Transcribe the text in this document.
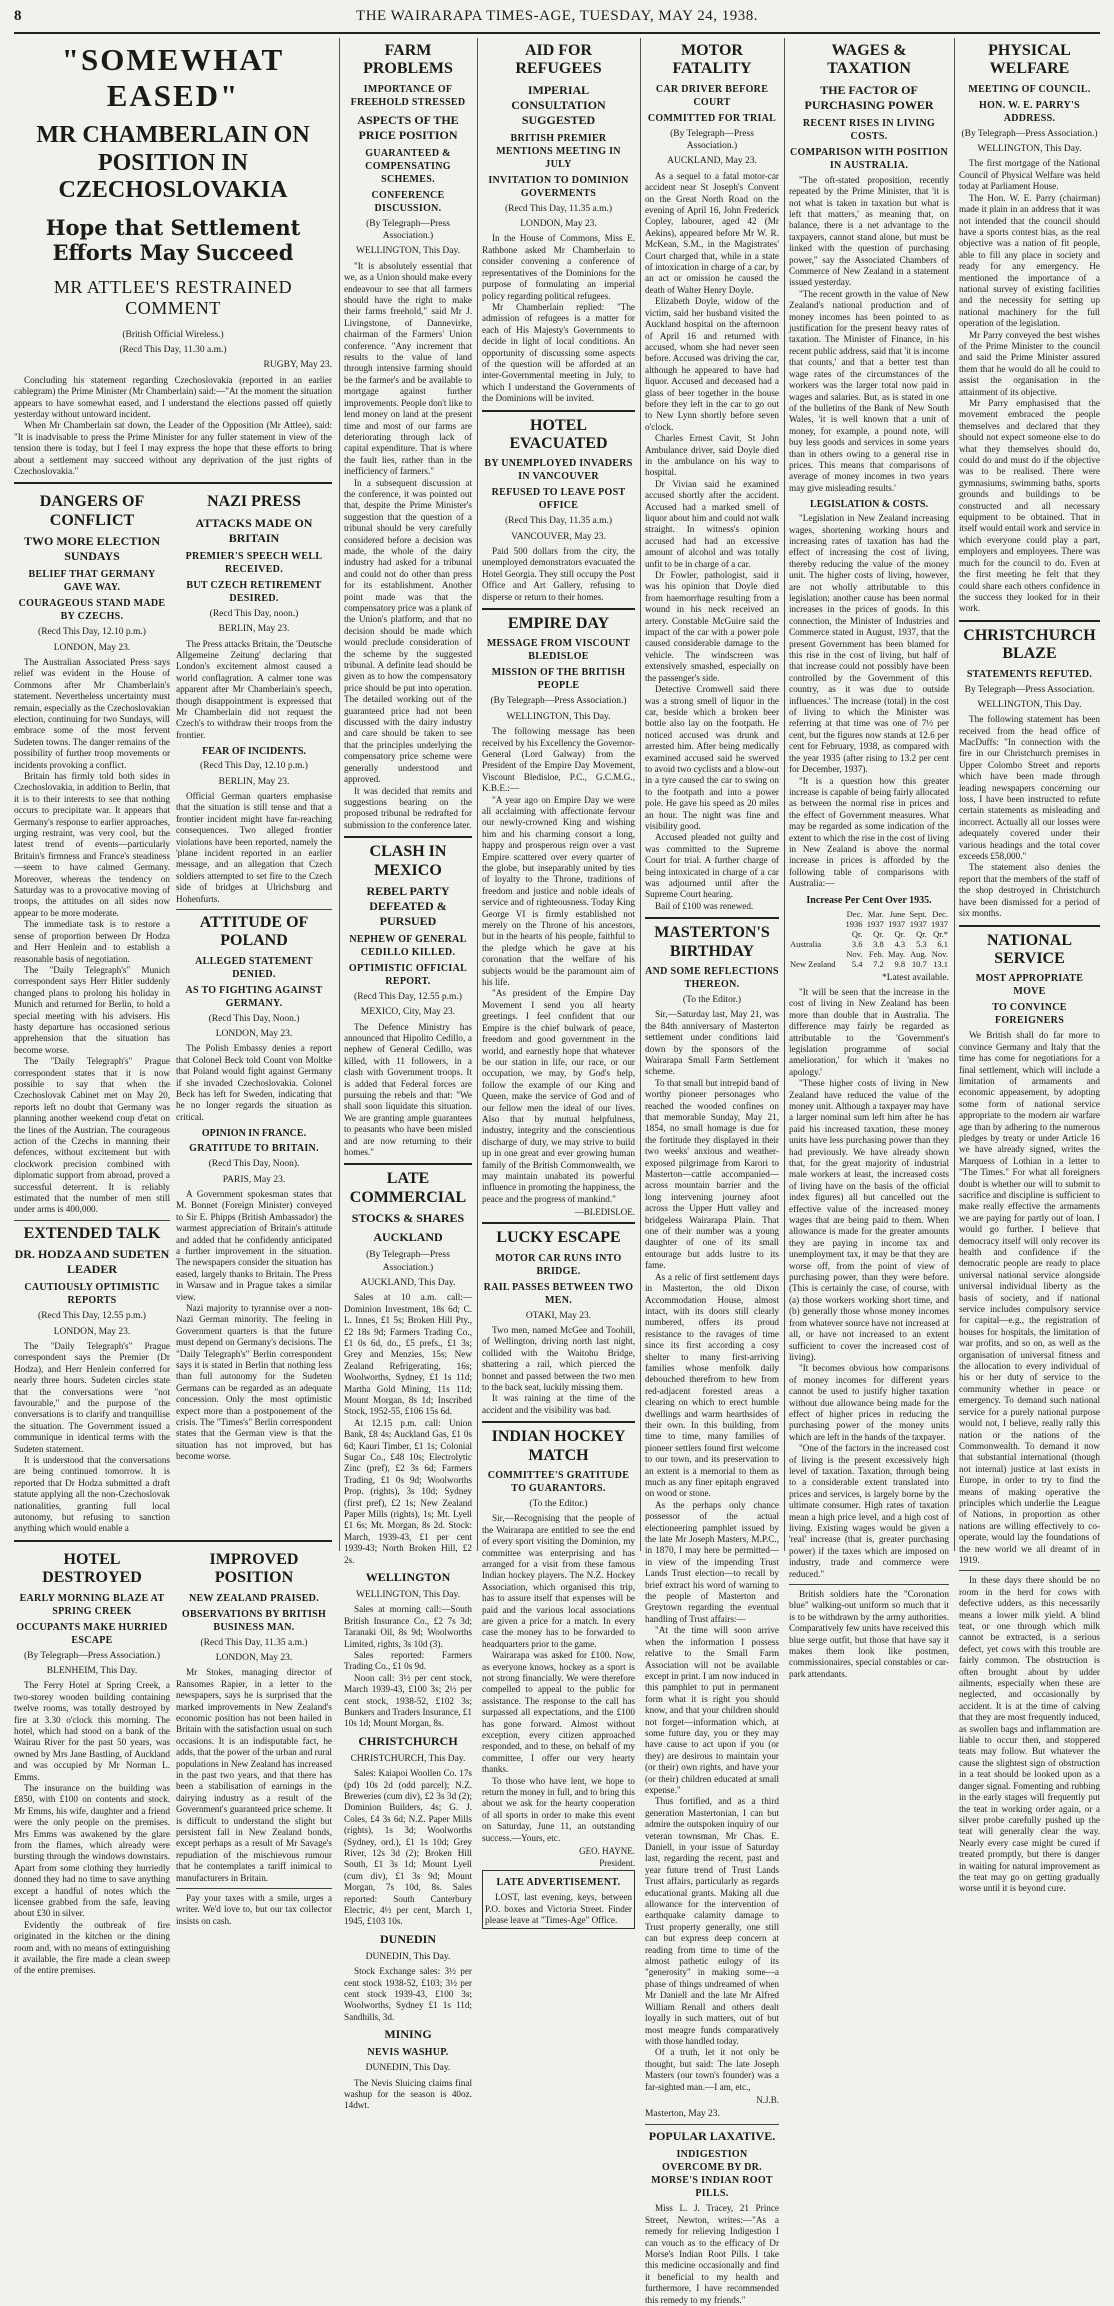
8	THE WAIRARAPA TIMES-AGE, TUESDAY, MAY 24, 1938.
"SOMEWHAT EASED"
MR CHAMBERLAIN ON POSITION IN CZECHOSLOVAKIA
Hope that Settlement Efforts May Succeed
MR ATTLEE'S RESTRAINED COMMENT
(British Official Wireless.)
(Recd This Day, 11.30 a.m.)
RUGBY, May 23.

Concluding his statement regarding Czechoslovakia (reported in an earlier cablegram) the Prime Minister (Mr Chamberlain) said:—"At the moment the situation appears to have somewhat eased, and I understand the elections passed off quietly yesterday without untoward incident.

When Mr Chamberlain sat down, the Leader of the Opposition (Mr Attlee), said: "It is inadvisable to press the Prime Minister for any fuller statement in view of the tension there is today, but I feel I may express the hope that these efforts to bring about a settlement may succeed without any deprivation of the just rights of Czechoslovakia."

DANGERS OF CONFLICT
TWO MORE ELECTION SUNDAYS
BELIEF THAT GERMANY GAVE WAY.
COURAGEOUS STAND MADE BY CZECHS.
(Recd This Day, 12.10 p.m.)
LONDON, May 23.

The Australian Associated Press says relief was evident in the House of Commons after Mr Chamberlain's statement. Nevertheless uncertainty must remain, especially as the Czechoslovakian election, continuing for two Sundays, will embrace some of the most fervent Sudeten towns. The danger remains of the possibility of further troop movements or incidents provoking a conflict.

Britain has firmly told both sides in Czechoslovakia, in addition to Berlin, that it is to their interests to see that nothing occurs to precipitate war. It appears that Germany's response to earlier approaches, urging restraint, was very cool, but the latest trend of events—particularly Britain's firmness and France's steadiness—seem to have calmed Germany. Moreover, whereas the tendency on Saturday was to a provocative moving of troops, the attitudes on all sides now appear to be more moderate.

The immediate task is to restore a sense of proportion between Dr Hodza and Herr Henlein and to establish a reasonable basis of negotiation.

The "Daily Telegraph's" Munich correspondent says Herr Hitler suddenly changed plans to prolong his holiday in Munich and returned for Berlin, to hold a special meeting with his advisers. His hasty departure has occasioned serious apprehension that the situation has become worse.

The "Daily Telegraph's" Prague correspondent states that it is now possible to say that when the Czechoslovak Cabinet met on May 20, reports left no doubt that Germany was planning another weekend coup d'etat on the lines of the Austrian. The courageous action of the Czechs in manning their defences, without excitement but with clockwork precision combined with diplomatic support from abroad, proved a successful deterrent. It is reliably estimated that the number of men still under arms is 400,000.

EXTENDED TALK
DR. HODZA AND SUDETEN LEADER
CAUTIOUSLY OPTIMISTIC REPORTS
(Recd This Day, 12.55 p.m.)
LONDON, May 23.

The "Daily Telegraph's" Prague correspondent says the Premier (Dr Hodza), and Herr Henlein conferred for nearly three hours. Sudeten circles state that the conversations were "not favourable," and the purpose of the conversations is to clarify and tranquillise the situation. The Government issued a communique in identical terms with the Sudeten statement.

It is understood that the conversations are being continued tomorrow. It is reported that Dr Hodza submitted a draft statute applying all the non-Czechoslovak nationalities, granting full local autonomy, but refusing to sanction anything which would enable a

NAZI PRESS
ATTACKS MADE ON BRITAIN
PREMIER'S SPEECH WELL RECEIVED.
BUT CZECH RETIREMENT DESIRED.
(Recd This Day, noon.)
BERLIN, May 23.

The Press attacks Britain, the 'Deutsche Allgemeine Zeitung' declaring that London's excitement almost caused a world conflagration. A calmer tone was apparent after Mr Chamberlain's speech, though disappointment is expressed that Mr Chamberlain did not request the Czech's to withdraw their troops from the frontier.

FEAR OF INCIDENTS.
(Recd This Day, 12.10 p.m.)
BERLIN, May 23.

Official German quarters emphasise that the situation is still tense and that a frontier incident might have far-reaching consequences. Two alleged frontier violations have been reported, namely the 'plane incident reported in an earlier message, and an allegation that Czech soldiers attempted to set fire to the Czech side of bridges at Ulrichsburg and Hohenfurts.

ATTITUDE OF POLAND
ALLEGED STATEMENT DENIED.
AS TO FIGHTING AGAINST GERMANY.
(Recd This Day, Noon.)
LONDON, May 23.

The Polish Embassy denies a report that Colonel Beck told Count von Moltke that Poland would fight against Germany if she invaded Czechoslovakia. Colonel Beck has left for Sweden, indicating that he no longer regards the situation as critical.

OPINION IN FRANCE.
GRATITUDE TO BRITAIN.
(Recd This Day, Noon).
PARIS, May 23.

A Government spokesman states that M. Bonnet (Foreign Minister) conveyed to Sir E. Phipps (British Ambassador) the warmest appreciation of Britain's attitude and added that he confidently anticipated a further improvement in the situation. The newspapers consider the situation has eased, largely thanks to Britain. The Press in Warsaw and in Prague takes a similar view.

Nazi majority to tyrannise over a non-Nazi German minority. The feeling in Government quarters is that the future must depend on Germany's decisions. The "Daily Telegraph's" Berlin correspondent says it is stated in Berlin that nothing less than full autonomy for the Sudeten Germans can be regarded as an adequate concession. Only the most optimistic expect more than a postponement of the crisis. The "Times's" Berlin correspondent states that the German view is that the situation has not improved, but has become worse.

HOTEL DESTROYED
EARLY MORNING BLAZE AT SPRING CREEK
OCCUPANTS MAKE HURRIED ESCAPE
(By Telegraph—Press Association.)
BLENHEIM, This Day.

The Ferry Hotel at Spring Creek, a two-storey wooden building containing twelve rooms, was totally destroyed by fire at 3.30 o'clock this morning. The hotel, which had stood on a bank of the Wairau River for the past 50 years, was owned by Mrs Jane Bastling, of Auckland and was occupied by Mr Norman L. Emms.

The insurance on the building was £850, with £100 on contents and stock. Mr Emms, his wife, daughter and a friend were the only people on the premises. Mrs Emms was awakened by the glare from the flames, which already were bursting through the windows downstairs. Apart from some clothing they hurriedly donned they had no time to save anything except a handful of notes which the licensee grabbed from the safe, leaving about £30 in silver.

Evidently the outbreak of fire originated in the kitchen or the dining room and, with no means of extinguishing it available, the fire made a clean sweep of the entire premises.

IMPROVED POSITION
NEW ZEALAND PRAISED.
OBSERVATIONS BY BRITISH BUSINESS MAN.
(Recd This Day, 11.35 a.m.)
LONDON, May 23.

Mr Stokes, managing director of Ransomes Rapier, in a letter to the newspapers, says he is surprised that the marked improvements in New Zealand's economic position has not been hailed in Britain with the satisfaction usual on such occasions. It is an indisputable fact, he adds, that the power of the urban and rural populations in New Zealand has increased in the past two years, and that there has been a stabilisation of earnings in the dairying industry as a result of the Government's guaranteed price scheme. It is difficult to understand the slight but persistent fall in New Zealand bonds, except perhaps as a result of Mr Savage's repudiation of the mischievous rumour that he contemplates a tariff inimical to manufacturers in Britain.

Pay your taxes with a smile, urges a writer. We'd love to, but our tax collector insists on cash.

FARM PROBLEMS
IMPORTANCE OF FREEHOLD STRESSED
ASPECTS OF THE PRICE POSITION
GUARANTEED & COMPENSATING SCHEMES.
CONFERENCE DISCUSSION.
(By Telegraph—Press Association.)
WELLINGTON, This Day.

"It is absolutely essential that we, as a Union should make every endeavour to see that all farmers should have the right to make their farms freehold," said Mr J. Livingstone, of Dannevirke, chairman of the Farmers' Union conference. "Any increment that results to the value of land through intensive farming should be the farmer's and be available to mortgage against further improvements. People don't like to lend money on land at the present time and most of our farms are deteriorating through lack of capital expenditure. That is where the fault lies, rather than in the inefficiency of farmers."

In a subsequent discussion at the conference, it was pointed out that, despite the Prime Minister's suggestion that the question of a tribunal should be very carefully considered before a decision was made, the whole of the dairy industry had asked for a tribunal and could not do other than press for its establishment. Another point made was that the compensatory price was a plank of the Union's platform, and that no decision should be made which would preclude consideration of the scheme by the suggested tribunal. A definite lead should be given as to how the compensatory price should be put into operation. The detailed working out of the guaranteed price had not been discussed with the dairy industry and care should be taken to see that the principles underlying the compensatory price scheme were generally understood and approved.

It was decided that remits and suggestions bearing on the proposed tribunal be redrafted for submission to the conference later.

CLASH IN MEXICO
REBEL PARTY DEFEATED & PURSUED
NEPHEW OF GENERAL CEDILLO KILLED.
OPTIMISTIC OFFICIAL REPORT.
(Recd This Day, 12.55 p.m.)
MEXICO, City, May 23.

The Defence Ministry has announced that Hipolito Cedillo, a nephew of General Cedillo, was killed, with 11 followers, in a clash with Government troops. It is added that Federal forces are pursuing the rebels and that: "We shall soon liquidate this situation. We are granting ample guarantees to peasants who have been misled and are now returning to their homes."

LATE COMMERCIAL
STOCKS & SHARES
AUCKLAND
(By Telegraph—Press Association.)
AUCKLAND, This Day.

Sales at 10 a.m. call:—Dominion Investment, 18s 6d; C. L. Innes, £1 5s; Broken Hill Pty., £2 18s 9d; Farmers Trading Co., £1 0s 6d, do., £5 prefs., £1 3s; Grey and Menzies, 15s; New Zealand Refrigerating, 16s; Woolworths, Sydney, £1 1s 11d; Martha Gold Mining, 11s 11d; Mount Morgan, 8s 1d; Inscribed Stock, 1952-55, £106 15s 6d.

At 12.15 p.m. call: Union Bank, £8 4s; Auckland Gas, £1 0s 6d; Kauri Timber, £1 1s; Colonial Sugar Co., £48 10s; Electrolytic Zinc (pref), £2 3s 6d; Farmers Trading, £1 0s 9d; Woolworths Prop. (rights), 3s 10d; Sydney (first pref), £2 1s; New Zealand Paper Mills (rights), 1s; Mt. Lyell £1 6s; Mt. Morgan, 8s 2d. Stock: March, 1939-43, £1 per cent 1939-43; North Broken Hill, £2 2s.

WELLINGTON
WELLINGTON, This Day.

Sales at morning call:—South British Insurance Co., £2 7s 3d; Taranaki Oil, 8s 9d; Woolworths Limited, rights, 3s 10d (3).

Sales reported: Farmers Trading Co., £1 0s 9d.

Noon call: 3½ per cent stock, March 1939-43, £100 3s; 2½ per cent stock, 1938-52, £102 3s; Bunkers and Traders Insurance, £1 10s 1d; Mount Morgan, 8s.

CHRISTCHURCH
CHRISTCHURCH, This Day.

Sales: Kaiapoi Woollen Co. 17s (pd) 10s 2d (odd parcel); N.Z. Breweries (cum div), £2 3s 3d (2); Dominion Builders, 4s; G. J. Coles, £4 3s 6d; N.Z. Paper Mills (rights), 1s 3d; Woolworths (Sydney, ord.), £1 1s 10d; Grey River, 12s 3d (2); Broken Hill South, £1 3s 1d; Mount Lyell (cum div), £1 3s 9d; Mount Morgan, 7s 10d, 8s. Sales reported: South Canterbury Electric, 4½ per cent, March 1, 1945, £103 10s.

DUNEDIN
DUNEDIN, This Day.

Stock Exchange sales: 3½ per cent stock 1938-52, £103; 3½ per cent stock 1939-43, £100 3s; Woolworths, Sydney £1 1s 11d; Sandhills, 3d.

MINING
NEVIS WASHUP.
DUNEDIN, This Day.

The Nevis Sluicing claims final washup for the season is 40oz. 14dwt.

AID FOR REFUGEES
IMPERIAL CONSULTATION SUGGESTED
BRITISH PREMIER MENTIONS MEETING IN JULY
INVITATION TO DOMINION GOVERMENTS
(Recd This Day, 11.35 a.m.)
LONDON, May 23.

In the House of Commons, Miss E. Rathbone asked Mr Chamberlain to consider convening a conference of representatives of the Dominions for the purpose of formulating an imperial policy regarding political refugees.

Mr Chamberlain replied: "The admission of refugees is a matter for each of His Majesty's Governments to decide in light of local conditions. An opportunity of discussing some aspects of the question will be afforded at an inter-Governmental meeting in July, to which I understand the Governments of the Dominions will be invited.

HOTEL EVACUATED
BY UNEMPLOYED INVADERS IN VANCOUVER
REFUSED TO LEAVE POST OFFICE
(Recd This Day, 11.35 a.m.)
VANCOUVER, May 23.

Paid 500 dollars from the city, the unemployed demonstrators evacuated the Hotel Georgia. They still occupy the Post Office and Art Gallery, refusing to disperse or return to their homes.

EMPIRE DAY
MESSAGE FROM VISCOUNT BLEDISLOE
MISSION OF THE BRITISH PEOPLE
(By Telegraph—Press Association.)
WELLINGTON, This Day.

The following message has been received by his Excellency the Governor-General (Lord Galway) from the President of the Empire Day Movement, Viscount Bledisloe, P.C., G.C.M.G., K.B.E.:—

"A year ago on Empire Day we were all acclaiming with affectionate fervour our newly-crowned King and wishing him and his charming consort a long, happy and prosperous reign over a vast Empire scattered over every quarter of the globe, but inseparably united by ties of loyalty to the Throne, traditions of freedom and justice and noble ideals of service and of righteousness. Today King George VI is firmly established not merely on the Throne of his ancestors, but in the hearts of his people, faithful to the pledge which he gave at his coronation that the welfare of his subjects would be the paramount aim of his life.

"As president of the Empire Day Movement I send you all hearty greetings. I feel confident that our Empire is the chief bulwark of peace, freedom and good government in the world, and earnestly hope that whatever be our station in life, our race, or our occupation, we may, by God's help, follow the example of our King and Queen, make the service of God and of our fellow men the ideal of our lives. Also that by mutual helpfulness, industry, integrity and the conscientious discharge of duty, we may strive to build up in one great and ever growing human family of the British Commonwealth, we may maintain unabated its powerful influence in promoting the happiness, the peace and the progress of mankind."

—BLEDISLOE.
LUCKY ESCAPE
MOTOR CAR RUNS INTO BRIDGE.
RAIL PASSES BETWEEN TWO MEN.
OTAKI, May 23.

Two men, named McGee and Toohill, of Wellington, driving north last night, collided with the Waitohu Bridge, shattering a rail, which pierced the bonnet and passed between the two men to the back seat, luckily missing them.

It was raining at the time of the accident and the visibility was bad.

INDIAN HOCKEY MATCH
COMMITTEE'S GRATITUDE TO GUARANTORS.
(To the Editor.)

Sir,—Recognising that the people of the Wairarapa are entitled to see the end of every sport visiting the Dominion, my committee was enterprising and has arranged for a visit from these famous Indian hockey players. The N.Z. Hockey Association, which organised this trip, has to assure itself that expenses will be paid and the various local associations are given a price for a match. In every case the money has to be forwarded to headquarters prior to the game.

Wairarapa was asked for £100. Now, as everyone knows, hockey as a sport is not strong financially. We were therefore compelled to appeal to the public for assistance. The response to the call has surpassed all expectations, and the £100 has gone forward. Almost without exception, every citizen approached responded, and to these, on behalf of my committee, I offer our very hearty thanks.

To those who have lent, we hope to return the money in full, and to bring this about we ask for the hearty cooperation of all sports in order to make this event on Saturday, June 11, an outstanding success.—Yours, etc.

GEO. HAYNE.
President.
LATE ADVERTISEMENT.

LOST, last evening, keys, between P.O. boxes and Victoria Street. Finder please leave at "Times-Age" Office.

MOTOR FATALITY
CAR DRIVER BEFORE COURT
COMMITTED FOR TRIAL
(By Telegraph—Press Association.)
AUCKLAND, May 23.

As a sequel to a fatal motor-car accident near St Joseph's Convent on the Great North Road on the evening of April 16, John Frederick Copley, labourer, aged 42 (Mr Aekins), appeared before Mr W. R. McKean, S.M., in the Magistrates' Court charged that, while in a state of intoxication in charge of a car, by an act or omission he caused the death of Walter Henry Doyle.

Elizabeth Doyle, widow of the victim, said her husband visited the Auckland hospital on the afternoon of April 16 and returned with accused, whom she had never seen before. Accused was driving the car, although he appeared to have had liquor. Accused and deceased had a glass of beer together in the house before they left in the car to go out to New Lynn shortly before seven o'clock.

Charles Ernest Cavit, St John Ambulance driver, said Doyle died in the ambulance on his way to hospital.

Dr Vivian said he examined accused shortly after the accident. Accused had a marked smell of liquor about him and could not walk straight. In witness's opinion accused had had an excessive amount of alcohol and was totally unfit to be in charge of a car.

Dr Fowler, pathologist, said it was his opinion that Doyle died from haemorrhage resulting from a wound in his neck received an artery. Constable McGuire said the impact of the car with a power pole caused considerable damage to the vehicle. The windscreen was extensively smashed, especially on the passenger's side.

Detective Cromwell said there was a strong smell of liquor in the car, beside which a broken beer bottle also lay on the footpath. He noticed accused was drunk and arrested him. After being medically examined accused said he swerved to avoid two cyclists and a blow-out in a tyre caused the car to swing on to the footpath and into a power pole. He gave his speed as 20 miles an hour. The night was fine and visibility good.

Accused pleaded not guilty and was committed to the Supreme Court for trial. A further charge of being intoxicated in charge of a car was adjourned until after the Supreme Court hearing.

Bail of £100 was renewed.

MASTERTON'S BIRTHDAY
AND SOME REFLECTIONS THEREON.
(To the Editor.)

Sir,—Saturday last, May 21, was the 84th anniversary of Masterton settlement under conditions laid down by the sponsors of the Wairarapa Small Farm Settlement scheme.

To that small but intrepid band of worthy pioneer personages who reached the wooded confines on that memorable Sunday, May 21, 1854, no small homage is due for the fortitude they displayed in their two weeks' anxious and weather-exposed pilgrimage from Karori to Masterton—cattle accompanied—across mountain barrier and the long intervening journey afoot across the Upper Hutt valley and bridgeless Wairarapa Plain. That one of their number was a young daughter of one of its small entourage but adds lustre to its fame.

As a relic of first settlement days in Masterton, the old Dixon Accommodation House, almost intact, with its doors still clearly numbered, offers its proud resistance to the ravages of time since its first according a cosy shelter to many first-arriving families whose menfolk daily debouched therefrom to hew from red-adjacent forested areas a clearing on which to erect humble dwellings and warm hearthsides of their own. In this building, from time to time, many families of pioneer settlers found first welcome to our town, and its preservation to an extent is a memorial to them as much as any finer epitaph engraved on wood or stone.

As the perhaps only chance possessor of the actual electioneering pamphlet issued by the late Mr Joseph Masters, M.P.C., in 1870, I may here be permitted—in view of the impending Trust Lands Trust election—to recall by brief extract his word of warning to the people of Masterton and Greytown regarding the eventual handling of Trust affairs:—

"At the time will soon arrive when the information I possess relative to the Small Farm Association will not be available except in print. I am now induced in this pamphlet to put in permanent form what it is right you should know, and that your children should not forget—information which, at some future day, you or they may have cause to act upon if you (or they) are desirous to maintain your (or their) own rights, and have your (or their) children educated at small expense."

Thus fortified, and as a third generation Mastertonian, I can but admire the outspoken inquiry of our veteran townsman, Mr Chas. E. Daniell, in your issue of Saturday last, regarding the recent, past and year future trend of Trust Lands Trust affairs, particularly as regards educational grants. Making all due allowance for the intervention of earthquake calamity damage to Trust property generally, one still can but express deep concern at reading from time to time of the almost pathetic eulogy of its "generosity" in making some—a phase of things undreamed of when Mr Daniell and the late Mr Alfred William Renall and others dealt loyally in such matters, out of but most meagre funds comparatively with those handled today.

Of a truth, let it not only be thought, but said: The late Joseph Masters (our town's founder) was a far-sighted man.—I am, etc.,

N.J.B.
Masterton, May 23.
POPULAR LAXATIVE.
INDIGESTION OVERCOME BY DR. MORSE'S INDIAN ROOT PILLS.

Miss L. J. Tracey, 21 Prince Street, Newton, writes:—"As a remedy for relieving Indigestion I can vouch as to the efficacy of Dr Morse's Indian Root Pills. I take this medicine occasionally and find it beneficial to my health and furthermore, I have recommended this remedy to my friends."

WAGES & TAXATION
THE FACTOR OF PURCHASING POWER
RECENT RISES IN LIVING COSTS.
COMPARISON WITH POSITION IN AUSTRALIA.

"The oft-stated proposition, recently repeated by the Prime Minister, that 'it is not what is taken in taxation but what is left that matters,' as meaning that, on balance, there is a net advantage to the taxpayers, cannot stand alone, but must be linked with the question of purchasing power," say the Associated Chambers of Commerce of New Zealand in a statement issued yesterday.

"The recent growth in the value of New Zealand's national production and of money incomes has been pointed to as justification for the present heavy rates of taxation. The Minister of Finance, in his recent public address, said that 'it is income that counts,' and that a better test than wage rates of the circumstances of the workers was the larger total now paid in wages and salaries. But, as is stated in one of the bulletins of the Bank of New South Wales, 'it is well known that a unit of money, for example, a pound note, will buy less goods and services in some years than in others owing to a general rise in prices. This means that comparisons of average of money incomes in two years may give misleading results.'

LEGISLATION & COSTS.

"Legislation in New Zealand increasing wages, shortening working hours and increasing rates of taxation has had the effect of increasing the cost of living, thereby reducing the value of the money unit. The higher costs of living, however, are not wholly attributable to this legislation; another cause has been normal increases in the prices of goods. In this connection, the Minister of Industries and Commerce stated in August, 1937, that the present Government has been blamed for this rise in the cost of living, but half of that increase could not possibly have been controlled by the Government of this country, as it was due to outside influences.' The increase (total) in the cost of living to which the Minister was referring at that time was one of 7½ per cent, but the figures now stands at 12.6 per cent for February, 1938, as compared with the year 1935 (after rising to 13.2 per cent for December, 1937).

"It is a question how this greater increase is capable of being fairly allocated as between the normal rise in prices and the effect of Government measures. What may be regarded as some indication of the extent to which the rise in the cost of living in New Zealand is above the normal increase in prices is afforded by the following table of comparisons with Australia:—

Increase Per Cent Over 1935.
	Dec.	Mar.	June	Sept.	Dec.
	1936	1937	1937	1937	1937
	Qr.	Qr.	Qr.	Qr.	Qr.*
Australia	3.6	3.8	4.3	5.3	6.1
	Nov.	Feb.	May.	Aug.	Nov.
New Zealand	5.4	7.2	9.8	10.7	13.1
*Latest available.

"It will be seen that the increase in the cost of living in New Zealand has been more than double that in Australia. The difference may fairly be regarded as attributable to the 'Government's legislation programme of social amelioration,' for which it 'makes no apology.'

"These higher costs of living in New Zealand have reduced the value of the money unit. Although a taxpayer may have a larger nominal sum left him after he has paid his increased taxation, these money units have less purchasing power than they had previously. We have already shown that, for the great majority of industrial male workers at least, the increased costs of living have on the basis of the official index figures) all but cancelled out the effective value of the increased money wages that are being paid to them. When allowance is made for the greater amounts they are paying in income tax and unemployment tax, it may be that they are worse off, from the point of view of purchasing power, than they were before. (This is certainly the case, of course, with (a) those workers working short time, and (b) generally those whose money incomes from whatever source have not increased at all, or have not increased to an extent sufficient to cover the increased cost of living).

"It becomes obvious how comparisons of money incomes for different years cannot be used to justify higher taxation without due allowance being made for the effect of higher prices in reducing the purchasing power of the money units which are left in the hands of the taxpayer.

"One of the factors in the increased cost of living is the present excessively high level of taxation. Taxation, through being to a considerable extent translated into prices and services, is largely borne by the ultimate consumer. High rates of taxation mean a high price level, and a high cost of living. Existing wages would be given a 'real' increase (that is, greater purchasing power) if the taxes which are imposed on industry, trade and commerce were reduced."

British soldiers hate the "Coronation blue" walking-out uniform so much that it is to be withdrawn by the army authorities. Comparatively few units have received this blue serge outfit, but those that have say it makes them look like postmen, commissionaires, special constables or car-park attendants.

PHYSICAL WELFARE
MEETING OF COUNCIL.
HON. W. E. PARRY'S ADDRESS.
(By Telegraph—Press Association.)
WELLINGTON, This Day.

The first mortgage of the National Council of Physical Welfare was held today at Parliament House.

The Hon. W. E. Parry (chairman) made it plain in an address that it was not intended that the council should have a sports contest bias, as the real objective was a nation of fit people, able to fill any place in society and ready for any emergency. He mentioned the importance of a national survey of existing facilities and the necessity for setting up national machinery for the full operation of the legislation.

Mr Parry conveyed the best wishes of the Prime Minister to the council and said the Prime Minister assured them that he would do all he could to assist the organisation in the attainment of its objective.

Mr Parry emphasised that the movement embraced the people themselves and declared that they should not expect someone else to do what they themselves should do, could do and must do if the objective was to be realised. There were gymnasiums, swimming baths, sports grounds and buildings to be constructed and all necessary equipment to be obtained. That in itself would entail work and service in which everyone could play a part, employers and employees. There was much for the council to do. Even at the first meeting he felt that they could share each others confidence in the success they looked for in their work.

CHRISTCHURCH BLAZE
STATEMENTS REFUTED.
By Telegraph—Press Association.
WELLINGTON, This Day.

The following statement has been received from the head office of MacDuffs: "In connection with the fire in our Christchurch premises in Upper Colombo Street and reports which have been made through leading newspapers concerning our loss, I have been instructed to refute certain statements as misleading and incorrect. Actually all our losses were adequately covered under their various headings and the total cover exceeds £58,000."

The statement also denies the report that the members of the staff of the shop destroyed in Christchurch have been dismissed for a period of six months.

NATIONAL SERVICE
MOST APPROPRIATE MOVE
TO CONVINCE FOREIGNERS

We British shall do far more to convince Germany and Italy that the time has come for negotiations for a final settlement, which will include a limitation of armaments and economic appeasement, by adopting some form of national service appropriate to the modern air warfare age than by adhering to the numerous pledges by treaty or under Article 16 we have already signed, writes the Marquess of Lothian in a letter to "The Times." For what all foreigners doubt is whether our will to submit to sacrifice and discipline is sufficient to make really effective the armaments we are paying for partly out of loan. I would go further. I believe that democracy itself will only recover its health and confidence if the democratic people are ready to place universal national service alongside universal individual liberty as the basis of society, and if national service includes compulsory service for capital—e.g., the registration of houses for hospitals, the limitation of war profits, and so on, as well as the organisation of universal fitness and the allocation to every individual of his or her duty of service to the community whether in peace or emergency. To demand such national service for a purely national purpose would not, I believe, really rally this nation or the nations of the Commonwealth. To demand it now that substantial international (though not internal) justice at last exists in Europe, in order to try to find the means of making operative the principles which underlie the League of Nations, in proportion as other nations are willing effectively to co-operate, would lay the foundations of the new world we all dreamt of in 1919.

In these days there should be no room in the herd for cows with defective udders, as this necessarily means a lower milk yield. A blind teat, or one through which milk cannot be extracted, is a serious defect, yet cows with this trouble are fairly common. The obstruction is often brought about by udder ailments, especially when these are neglected, and occasionally by accident. It is at the time of calving that they are most frequently induced, as swollen bags and inflammation are liable to occur then, and stoppered teats may follow. But whatever the cause the slightest sign of obstruction in a teat should be looked upon as a danger signal. Fomenting and rubbing in the early stages will frequently put the teat in working order again, or a silver probe carefully pushed up the teat will generally clear the way. Nearly every case might be cured if treated promptly, but there is danger in waiting for natural improvement as the teat may go on getting gradually worse until it is beyond cure.
